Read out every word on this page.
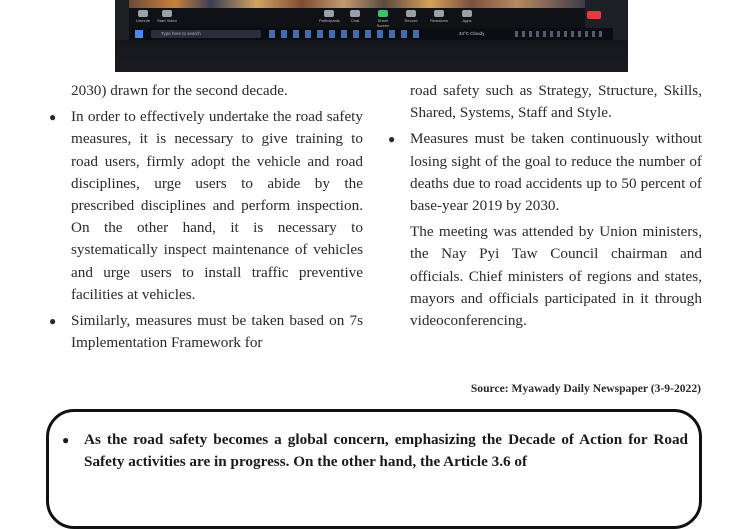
Unmute	Start Video	Participants	Chat	Share Screen
Record	Reactions	Apps
Type here to search	34°C Cloudy

2030) drawn for the second decade.

● In order to effectively undertake the road safety measures, it is necessary to give training to road users, firmly adopt the vehicle and road disciplines, urge users to abide by the prescribed disciplines and perform inspection. On the other hand, it is necessary to systematically inspect maintenance of vehicles and urge users to install traffic preventive facilities at vehicles.

● Similarly, measures must be taken based on 7s Implementation Framework for

road safety such as Strategy, Structure, Skills, Shared, Systems, Staff and Style.

● Measures must be taken continuously without losing sight of the goal to reduce the number of deaths due to road accidents up to 50 percent of base-year 2019 by 2030.

The meeting was attended by Union ministers, the Nay Pyi Taw Council chairman and officials. Chief ministers of regions and states, mayors and officials participated in it through videoconferencing.

Source: Myawady Daily Newspaper (3-9-2022)
● As the road safety becomes a global concern, emphasizing the Decade of Action for Road Safety activities are in progress. On the other hand, the Article 3.6 of
